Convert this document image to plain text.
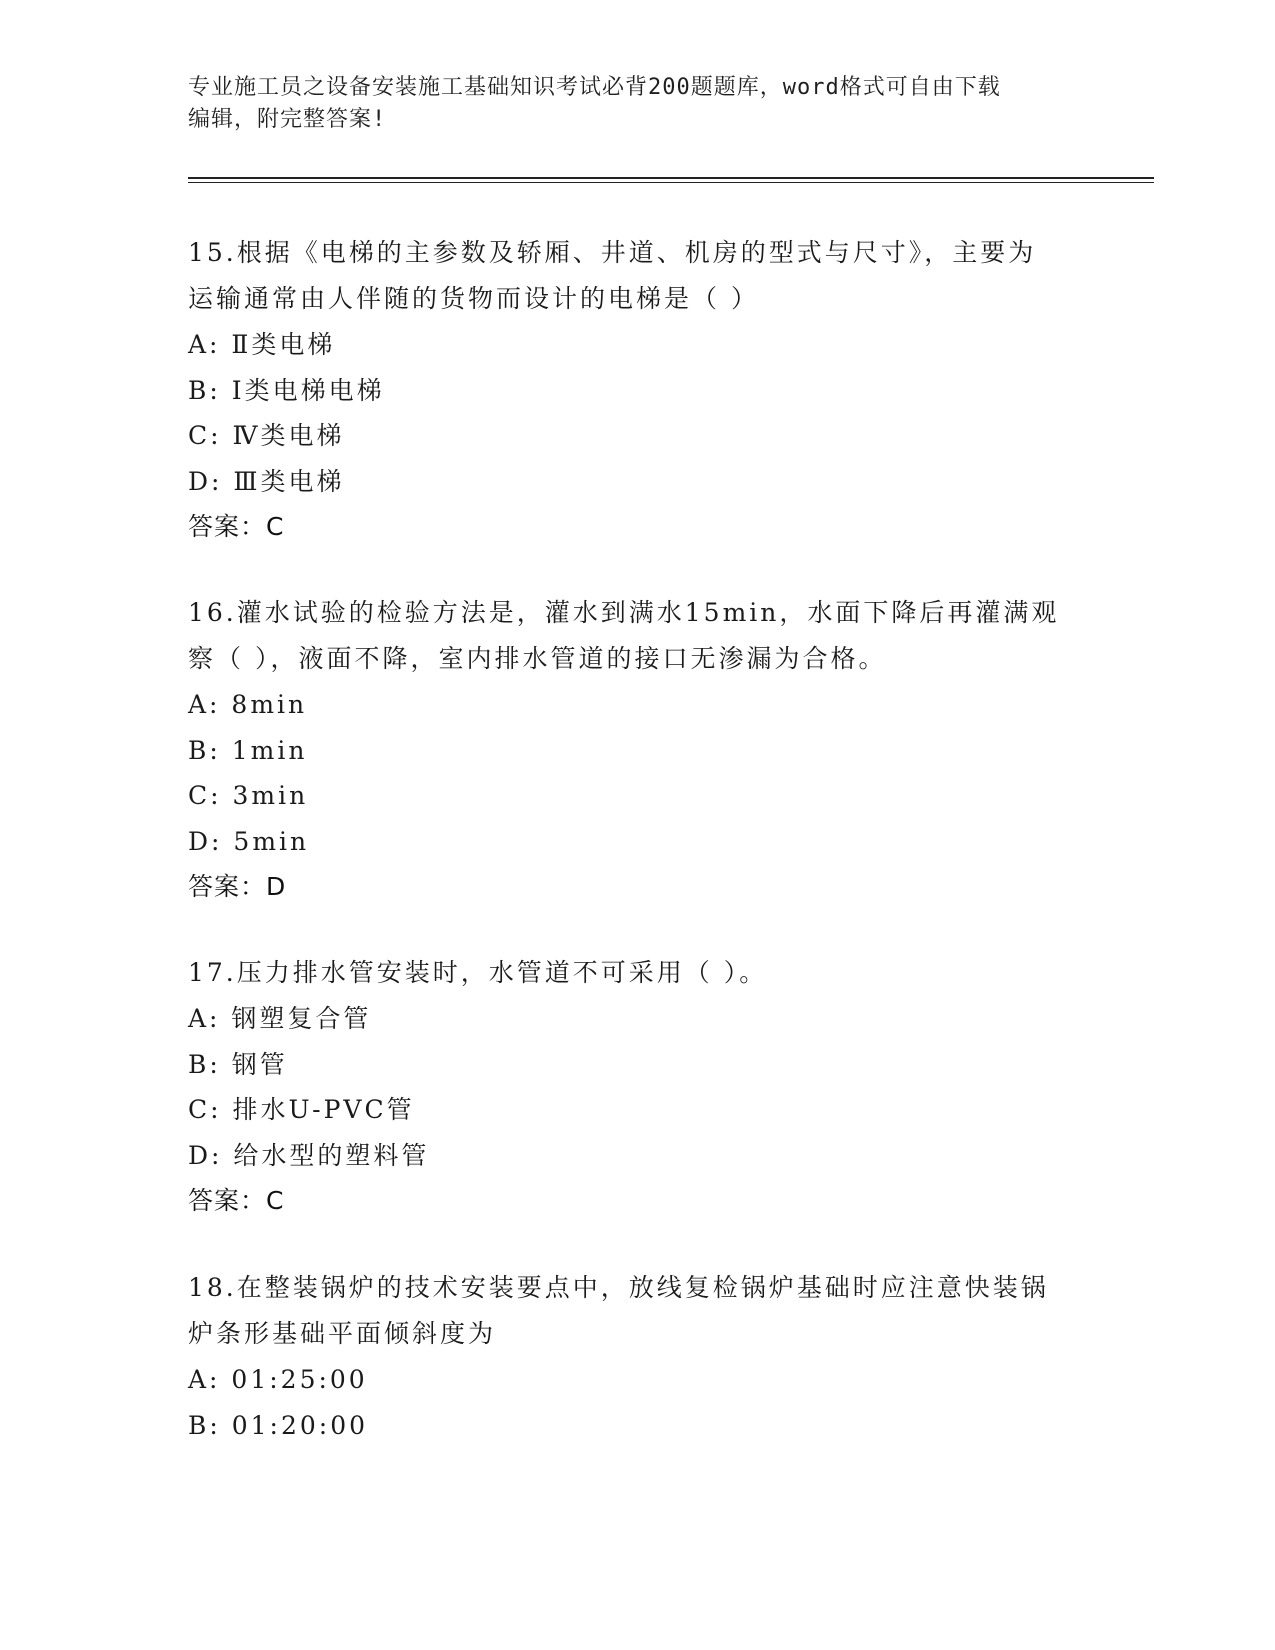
专业施工员之设备安装施工基础知识考试必背200题题库，word格式可自由下载
编辑，附完整答案!
15.根据《电梯的主参数及轿厢、井道、机房的型式与尺寸》，主要为
运输通常由人伴随的货物而设计的电梯是（ ）
A: Ⅱ类电梯
B: Ⅰ类电梯电梯
C: Ⅳ类电梯
D: Ⅲ类电梯
答案：C
16.灌水试验的检验方法是，灌水到满水15min，水面下降后再灌满观
察（ ），液面不降，室内排水管道的接口无渗漏为合格。
A: 8min
B: 1min
C: 3min
D: 5min
答案：D
17.压力排水管安装时，水管道不可采用（ ）。
A: 钢塑复合管
B: 钢管
C: 排水U-PVC管
D: 给水型的塑料管
答案：C
18.在整装锅炉的技术安装要点中，放线复检锅炉基础时应注意快装锅
炉条形基础平面倾斜度为
A: 01:25:00
B: 01:20:00
